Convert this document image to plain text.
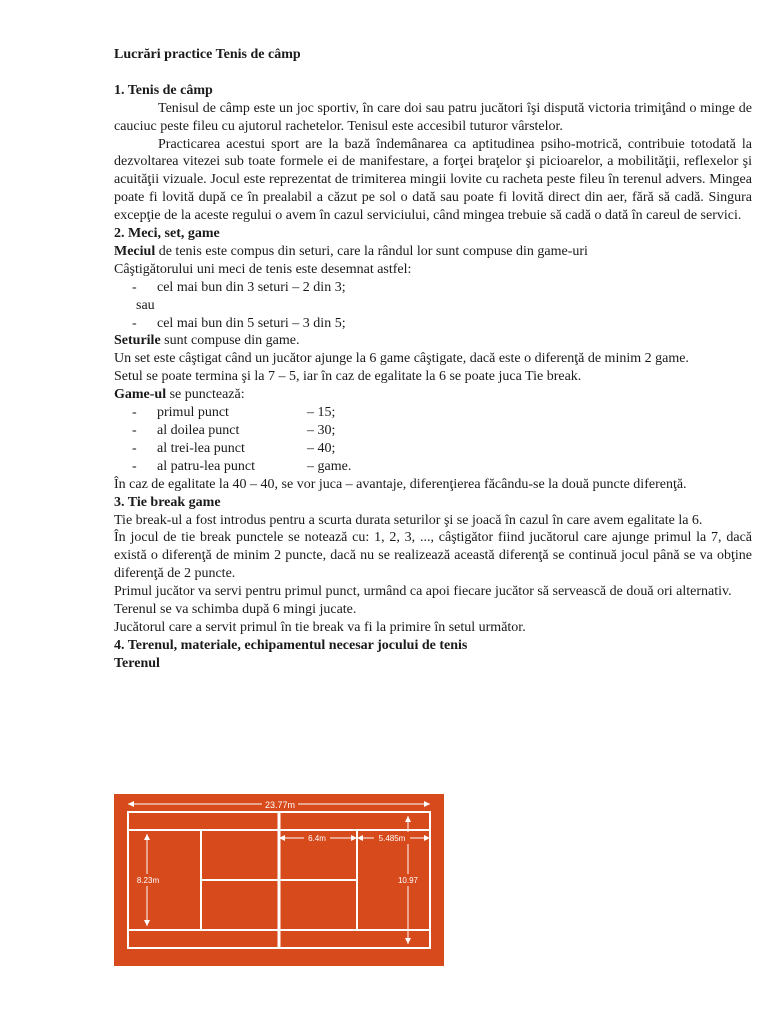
Lucrări practice Tenis de câmp

1. Tenis de câmp

Tenisul de câmp este un joc sportiv, în care doi sau patru jucători îşi dispută victoria trimiţând o minge de cauciuc peste fileu cu ajutorul rachetelor. Tenisul este accesibil tuturor vârstelor.

Practicarea acestui sport are la bază îndemânarea ca aptitudinea psiho-motrică, contribuie totodată la dezvoltarea vitezei sub toate formele ei de manifestare, a forţei braţelor şi picioarelor, a mobilităţii, reflexelor şi acuităţii vizuale. Jocul este reprezentat de trimiterea mingii lovite cu racheta peste fileu în terenul advers. Mingea poate fi lovită după ce în prealabil a căzut pe sol o dată sau poate fi lovită direct din aer, fără să cadă. Singura excepţie de la aceste regului o avem în cazul serviciului, când mingea trebuie să cadă o dată în careul de servici.

2. Meci, set, game

Meciul de tenis este compus din seturi, care la rândul lor sunt compuse din game-uri

Câştigătorului uni meci de tenis este desemnat astfel:

-	cel mai bun din 3 seturi – 2 din 3;

sau

-	cel mai bun din 5 seturi – 3 din 5;

Seturile sunt compuse din game.

Un set este câştigat când un jucător ajunge la 6 game câştigate, dacă este o diferenţă de minim 2 game.

Setul se poate termina şi la 7 – 5, iar în caz de egalitate la 6 se poate juca Tie break.

Game-ul se punctează:

-	primul punct	– 15;
-	al doilea punct	– 30;
-	al trei-lea punct	– 40;
-	al patru-lea punct	– game.

În caz de egalitate la 40 – 40, se vor juca – avantaje, diferenţierea făcându-se la două puncte diferenţă.

3. Tie break game

Tie break-ul a fost introdus pentru a scurta durata seturilor şi se joacă în cazul în care avem egalitate la 6.

În jocul de tie break punctele se notează cu: 1, 2, 3, ..., câştigător fiind jucătorul care ajunge primul la 7, dacă există o diferenţă de minim 2 puncte, dacă nu se realizează această diferenţă se continuă jocul până se va obţine diferenţă de 2 puncte.

Primul jucător va servi pentru primul punct, urmând ca apoi fiecare jucător să servească de două ori alternativ.

Terenul se va schimba după 6 mingi jucate.

Jucătorul care a servit primul în tie break va fi la primire în setul următor.

4. Terenul, materiale, echipamentul necesar jocului de tenis

Terenul

23.77m
6.4m	5.485m
8.23m	10.97
